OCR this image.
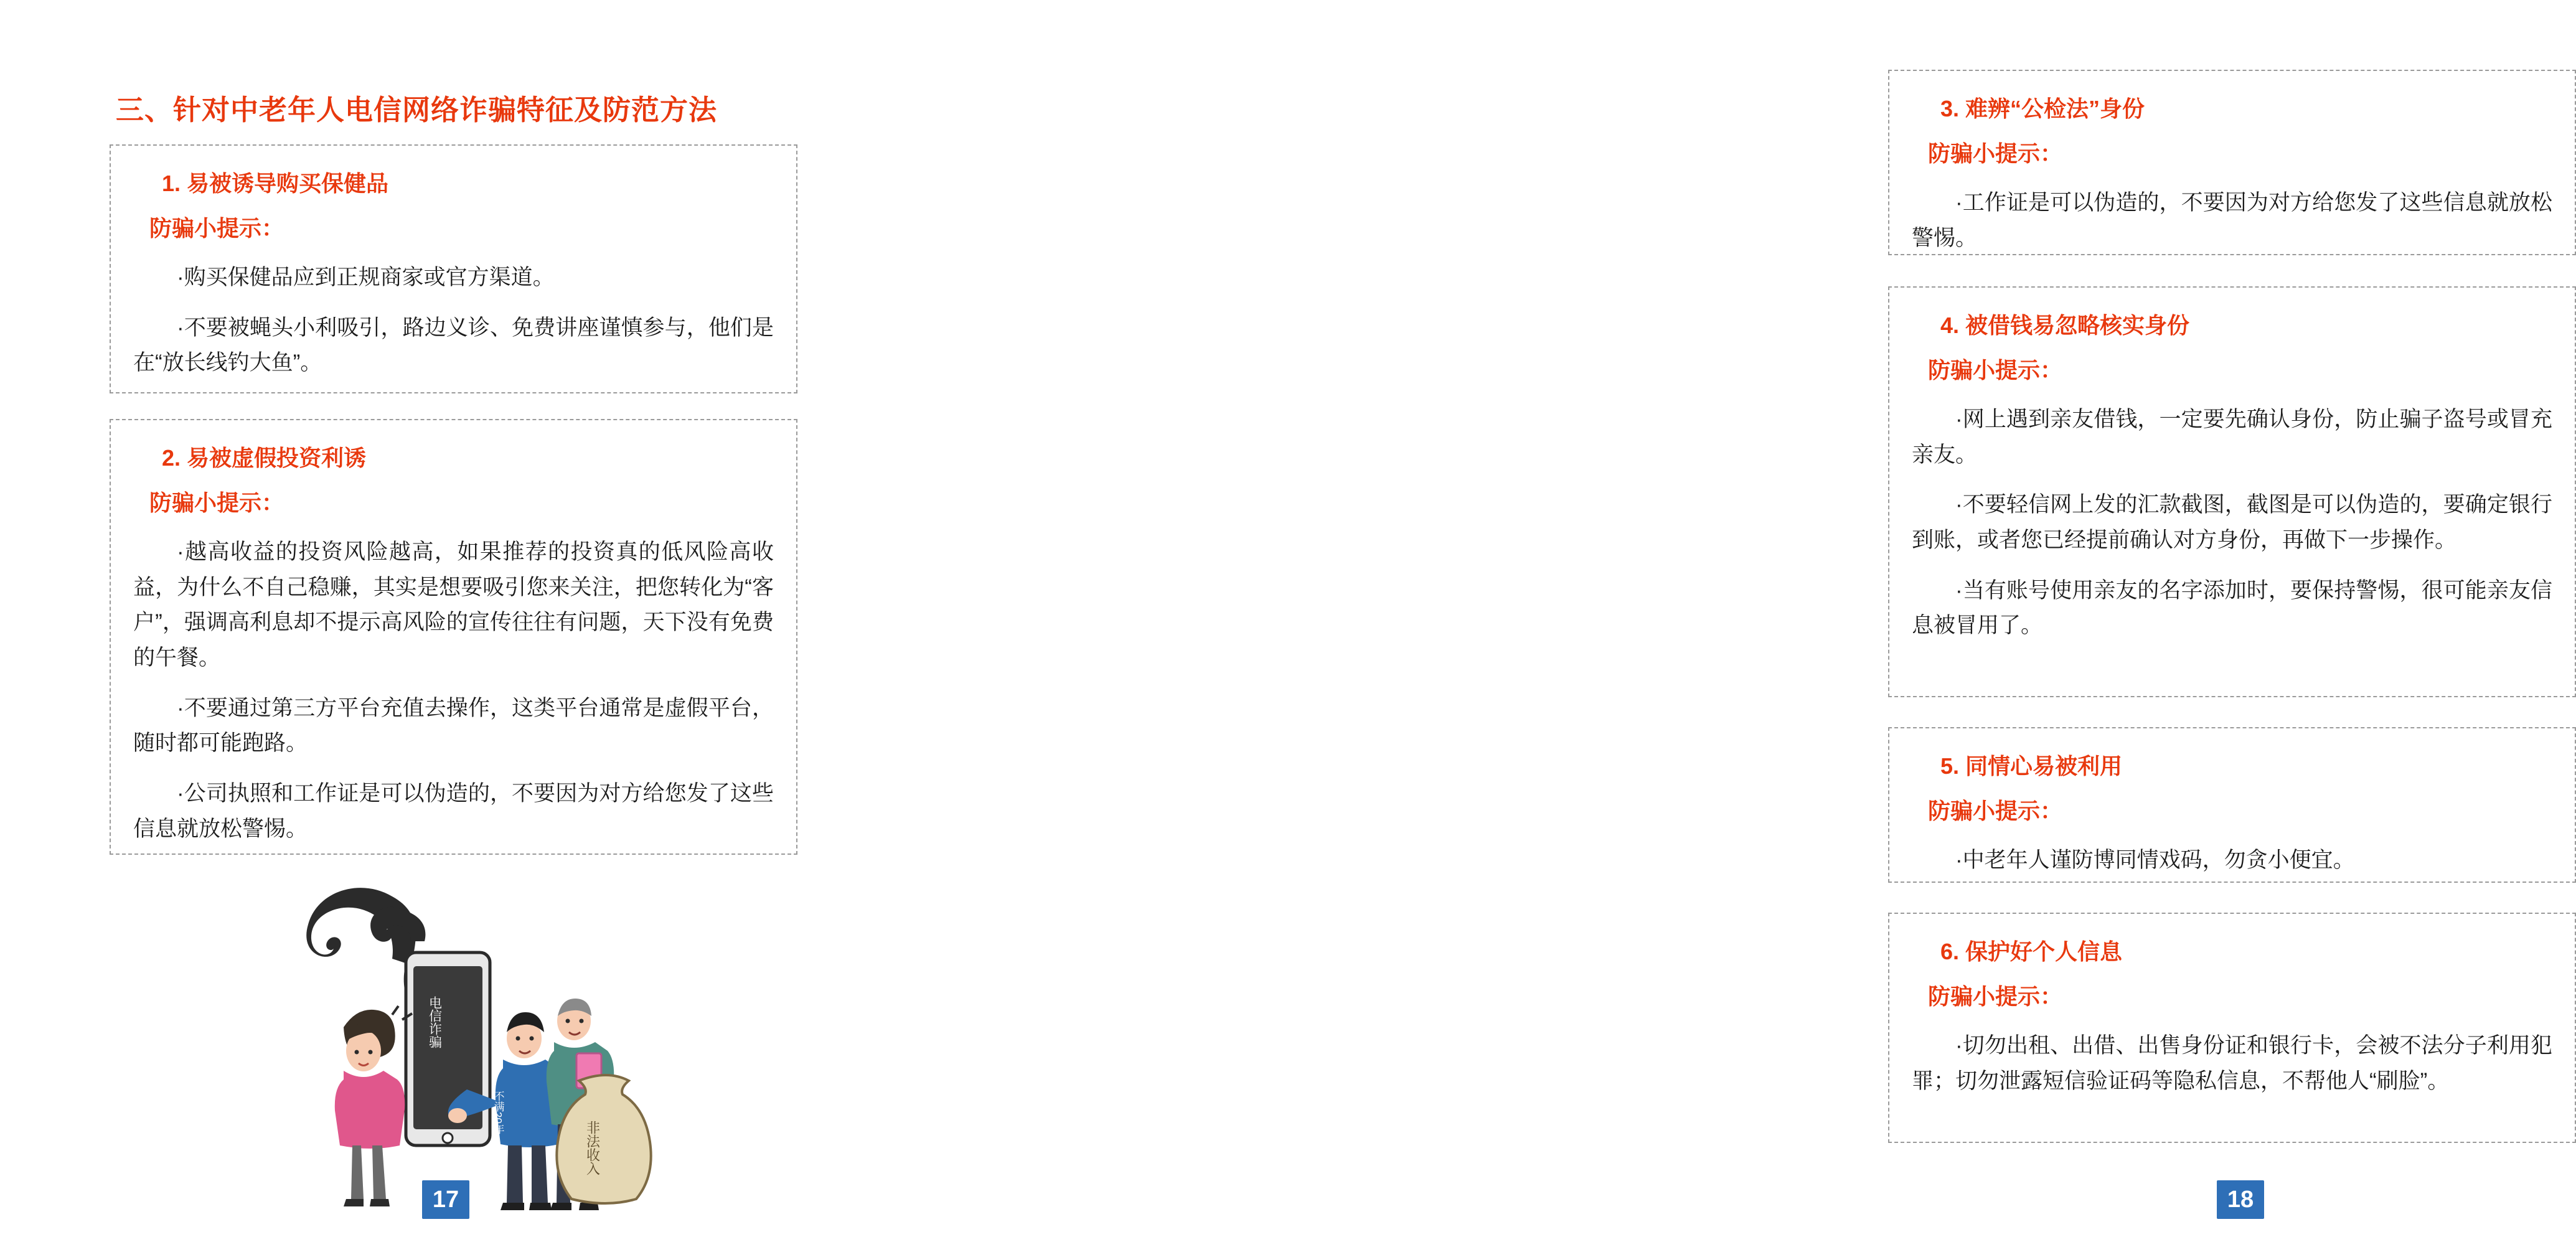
三、针对中老年人电信网络诈骗特征及防范方法
1. 易被诱导购买保健品
防骗小提示：
·购买保健品应到正规商家或官方渠道。
·不要被蝇头小利吸引，路边义诊、免费讲座谨慎参与，他们是在“放长线钓大鱼”。
2. 易被虚假投资利诱
防骗小提示：
·越高收益的投资风险越高，如果推荐的投资真的低风险高收益，为什么不自己稳赚，其实是想要吸引您来关注，把您转化为“客户”，强调高利息却不提示高风险的宣传往往有问题，天下没有免费的午餐。
·不要通过第三方平台充值去操作，这类平台通常是虚假平台，随时都可能跑路。
·公司执照和工作证是可以伪造的，不要因为对方给您发了这些信息就放松警惕。
电信诈骗
不满20年
非法收入
17
3. 难辨“公检法”身份
防骗小提示：
·工作证是可以伪造的，不要因为对方给您发了这些信息就放松警惕。
4. 被借钱易忽略核实身份
防骗小提示：
·网上遇到亲友借钱，一定要先确认身份，防止骗子盗号或冒充亲友。
·不要轻信网上发的汇款截图，截图是可以伪造的，要确定银行到账，或者您已经提前确认对方身份，再做下一步操作。
·当有账号使用亲友的名字添加时，要保持警惕，很可能亲友信息被冒用了。
5. 同情心易被利用
防骗小提示：
·中老年人谨防博同情戏码，勿贪小便宜。
6. 保护好个人信息
防骗小提示：
·切勿出租、出借、出售身份证和银行卡，会被不法分子利用犯罪；切勿泄露短信验证码等隐私信息，不帮他人“刷脸”。
18
